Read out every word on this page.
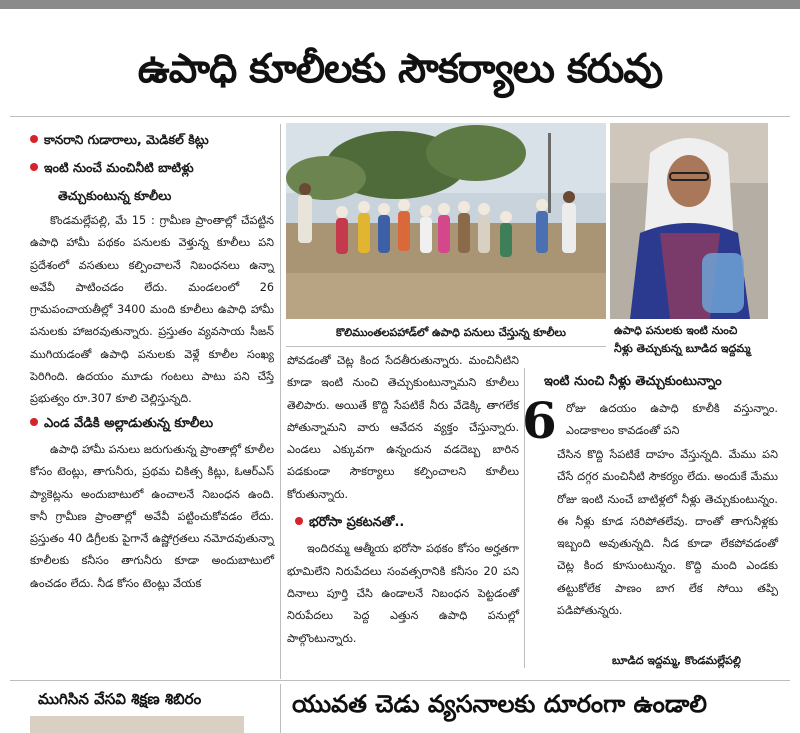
ఉపాధి కూలీలకు సౌకర్యాలు కరువు
కానరాని గుడారాలు, మెడికల్ కిట్లు
ఇంటి నుంచే మంచినీటి బాటిళ్లు
తెచ్చుకుంటున్న కూలీలు

కొండమల్లేపల్లి, మే 15 : గ్రామీణ ప్రాంతాల్లో చేపట్టిన ఉపాధి హామీ పథకం పనులకు వెళ్తున్న కూలీలు పని ప్రదేశంలో వసతులు కల్పించాలనే నిబంధనలు ఉన్నా అవేవీ పాటించడం లేదు. మండలంలో 26 గ్రామపంచాయతీల్లో 3400 మంది కూలీలు ఉపాధి హామీ పనులకు హాజరవుతున్నారు. ప్రస్తుతం వ్యవసాయ సీజన్ ముగియడంతో ఉపాధి పనులకు వెళ్లే కూలీల సంఖ్య పెరిగింది. ఉదయం మూడు గంటలు పాటు పని చేస్తే ప్రభుత్వం రూ.307 కూలి చెల్లిస్తున్నది.

ఎండ వేడికి అల్లాడుతున్న కూలీలు

ఉపాధి హామీ పనులు జరుగుతున్న ప్రాంతాల్లో కూలీల కోసం టెంట్లు, తాగునీరు, ప్రథమ చికిత్స కిట్లు, ఓఆర్ఎస్ ప్యాకెట్లను అందుబాటులో ఉంచాలనే నిబంధన ఉంది. కానీ గ్రామీణ ప్రాంతాల్లో అవేవీ పట్టించుకోవడం లేదు. ప్రస్తుతం 40 డిగ్రీలకు పైగానే ఉష్ణోగ్రతలు నమోదవుతున్నా కూలీలకు కనీసం తాగునీరు కూడా అందుబాటులో ఉంచడం లేదు. నీడ కోసం టెంట్లు వేయక

కొలిముంతలపహాడ్‌లో ఉపాధి పనులు చేస్తున్న కూలీలు	ఉపాధి పనులకు ఇంటి నుంచి
నీళ్లు తెచ్చుకున్న బూడిద ఇద్దమ్మ

పోవడంతో చెట్ల కింద సేదతీరుతున్నారు. మంచినీటిని కూడా ఇంటి నుంచి తెచ్చుకుంటున్నామని కూలీలు తెలిపారు. అయితే కొద్ది సేపటికే నీరు వేడెక్కి తాగలేక పోతున్నామని వారు ఆవేదన వ్యక్తం చేస్తున్నారు. ఎండలు ఎక్కువగా ఉన్నందున వడదెబ్బ బారిన పడకుండా సౌకర్యాలు కల్పించాలని కూలీలు కోరుతున్నారు.

భరోసా ప్రకటనతో..

ఇందిరమ్మ ఆత్మీయ భరోసా పథకం కోసం అర్హతగా భూమిలేని నిరుపేదలు సంవత్సరానికి కనీసం 20 పని దినాలు పూర్తి చేసి ఉండాలనే నిబంధన పెట్టడంతో నిరుపేదలు పెద్ద ఎత్తున ఉపాధి పనుల్లో పాల్గొంటున్నారు.

ఇంటి నుంచి నీళ్లు తెచ్చుకుంటున్నాం
6 రోజు ఉదయం ఉపాధి కూలీకి వస్తున్నాం. ఎండాకాలం కావడంతో పని
చేసిన కొద్ది సేపటికే దాహం వేస్తున్నది. మేము పని చేసే దగ్గర మంచినీటి సౌకర్యం లేదు. అందుకే మేము రోజు ఇంటి నుంచే బాటిళ్లలో నీళ్లు తెచ్చుకుంటున్నం. ఈ నీళ్లు కూడ సరిపోతలేవు. దాంతో తాగునీళ్లకు ఇబ్బంది అవుతున్నది. నీడ కూడా లేకపోవడంతో చెట్ల కింద కూసుంటున్నం. కొద్ది మంది ఎండకు తట్టుకోలేక పాణం బాగ లేక సోయి తప్పి పడిపోతున్నరు.
బూడిద ఇద్దమ్మ, కొండమల్లేపల్లి
ముగిసిన వేసవి శిక్షణ శిబిరం	యువత చెడు వ్యసనాలకు దూరంగా ఉండాలి
